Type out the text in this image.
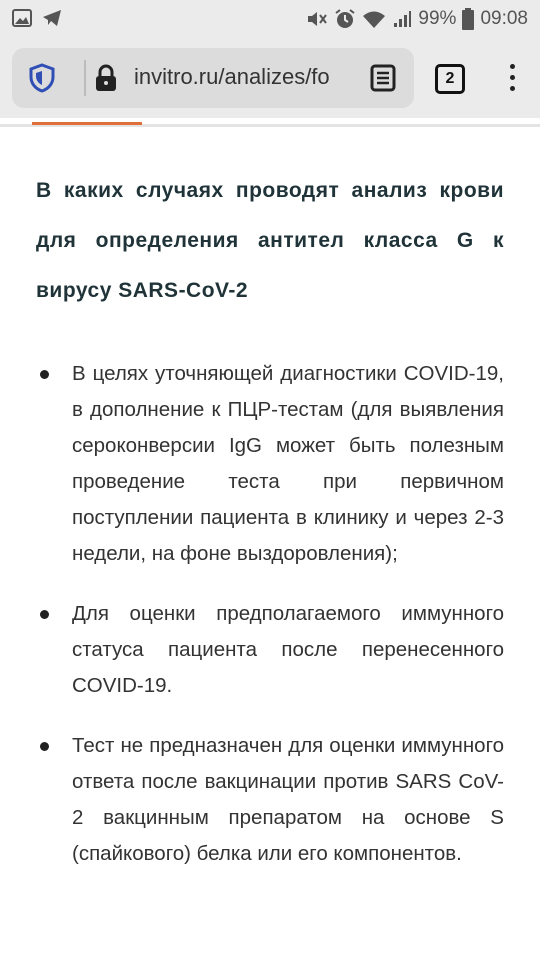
99% 09:08
invitro.ru/analizes/fo	2
В каких случаях проводят анализ крови для определения антител класса G к вирусу SARS-CoV-2
В целях уточняющей диагностики COVID-19, в дополнение к ПЦР-тестам (для выявления сероконверсии IgG может быть полезным проведение теста при первичном поступлении пациента в клинику и через 2-3 недели, на фоне выздоровления);
Для оценки предполагаемого иммунного статуса пациента после перенесенного COVID-19.
Тест не предназначен для оценки иммунного ответа после вакцинации против SARS CoV-2 вакцинным препаратом на основе S (спайкового) белка или его компонентов.
